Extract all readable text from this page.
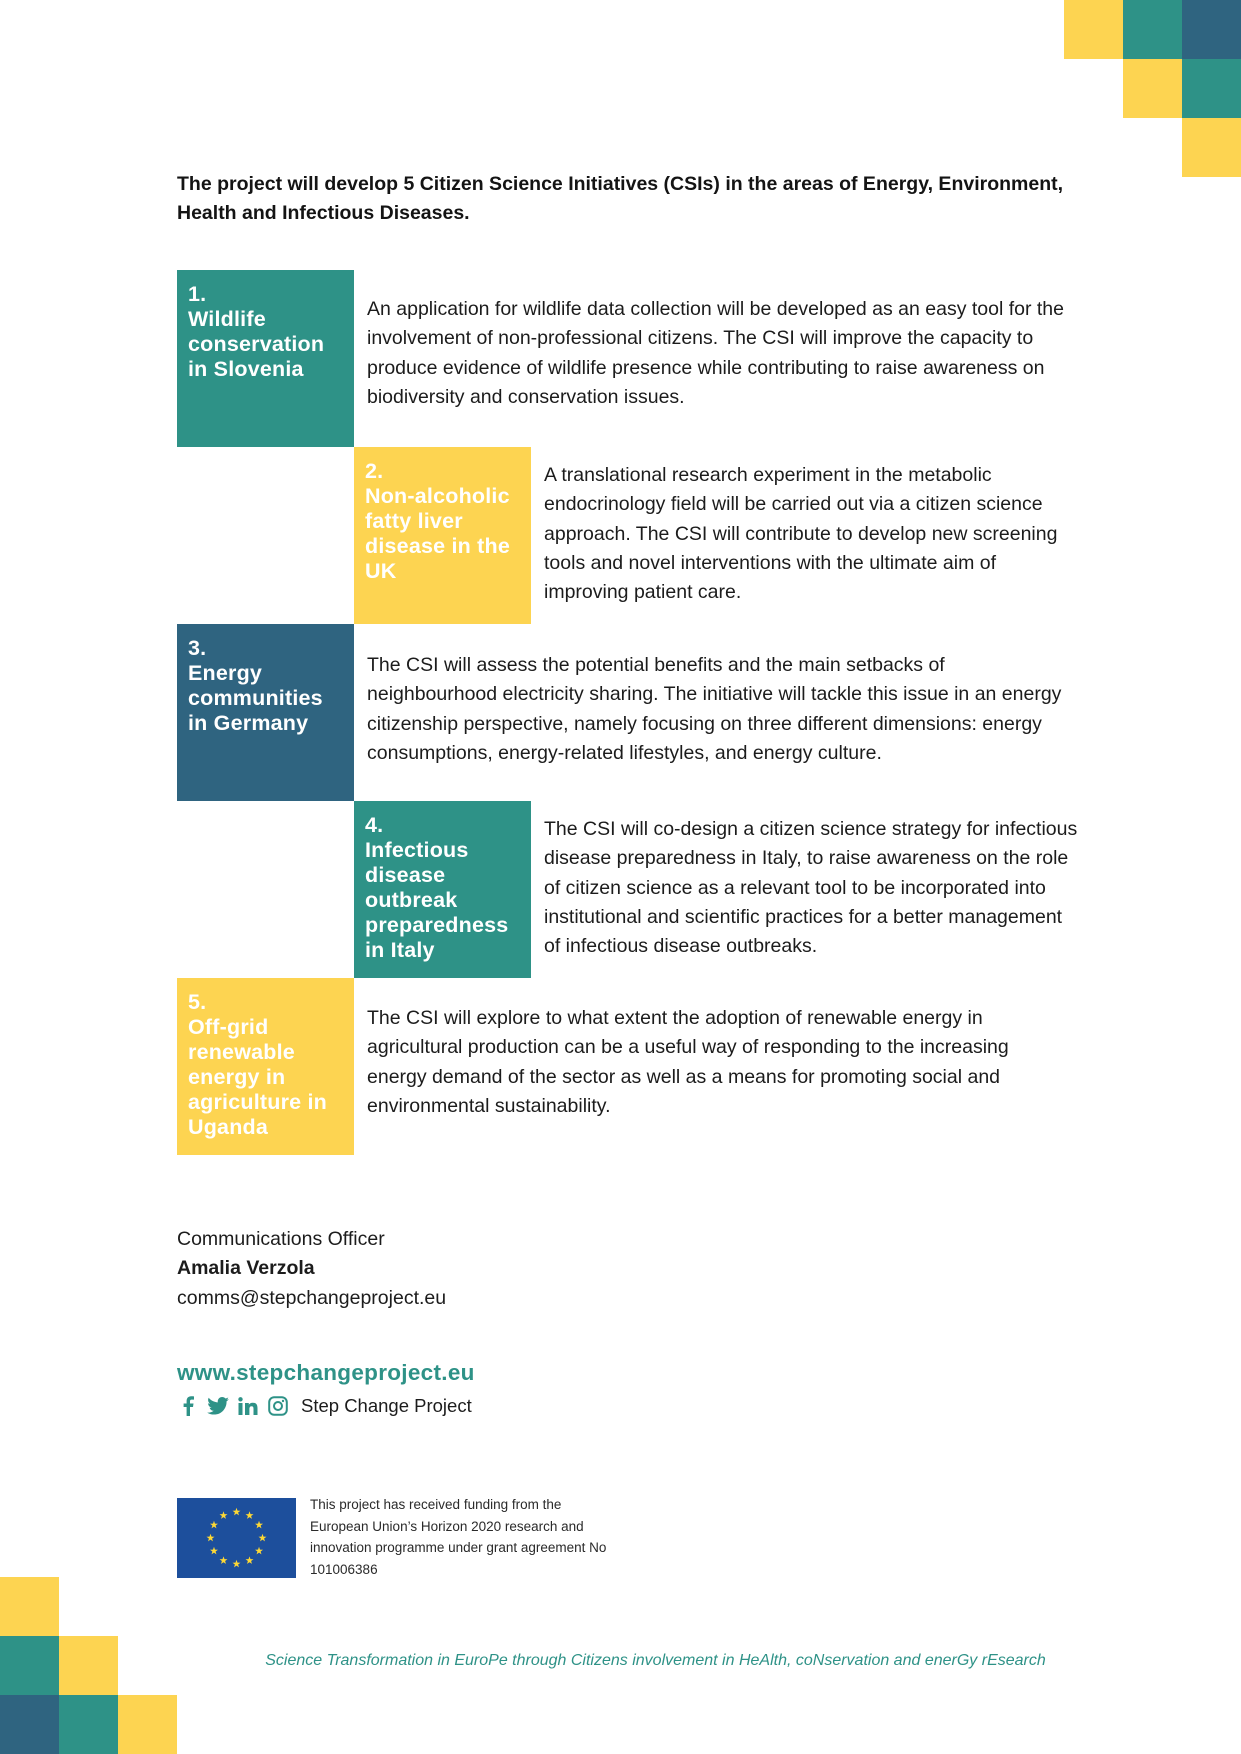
The project will develop 5 Citizen Science Initiatives (CSIs) in the areas of Energy, Environment, Health and Infectious Diseases.
1.
Wildlife conservation in Slovenia
An application for wildlife data collection will be developed as an easy tool for the involvement of non-professional citizens. The CSI will improve the capacity to produce evidence of wildlife presence while contributing to raise awareness on biodiversity and conservation issues.
2.
Non-alcoholic fatty liver disease in the UK
A translational research experiment in the metabolic endocrinology field will be carried out via a citizen science approach. The CSI will contribute to develop new screening tools and novel interventions with the ultimate aim of improving patient care.
3.
Energy communities in Germany
The CSI will assess the potential benefits and the main setbacks of neighbourhood electricity sharing. The initiative will tackle this issue in an energy citizenship perspective, namely focusing on three different dimensions: energy consumptions, energy-related lifestyles, and energy culture.
4.
Infectious disease outbreak preparedness in Italy
The CSI will co-design a citizen science strategy for infectious disease preparedness in Italy, to raise awareness on the role of citizen science as a relevant tool to be incorporated into institutional and scientific practices for a better management of infectious disease outbreaks.
5.
Off-grid renewable energy in agriculture in Uganda
The CSI will explore to what extent the adoption of renewable energy in agricultural production can be a useful way of responding to the increasing energy demand of the sector as well as a means for promoting social and environmental sustainability.
Communications Officer
Amalia Verzola
comms@stepchangeproject.eu
www.stepchangeproject.eu
Step Change Project
This project has received funding from the European Union’s Horizon 2020 research and innovation programme under grant agreement No 101006386
Science Transformation in EuroPe through Citizens involvement in HeAlth, coNservation and enerGy rEsearch
